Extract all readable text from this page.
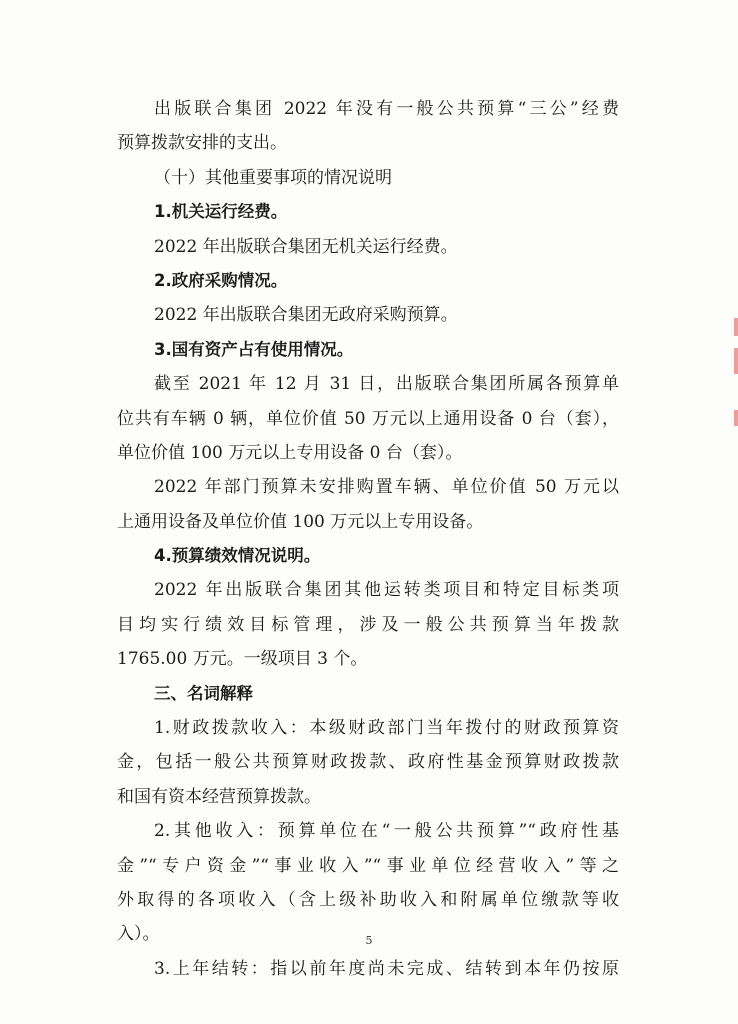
出版联合集团 2022 年没有一般公共预算“三公”经费
预算拨款安排的支出。
（十）其他重要事项的情况说明
1.机关运行经费。
2022 年出版联合集团无机关运行经费。
2.政府采购情况。
2022 年出版联合集团无政府采购预算。
3.国有资产占有使用情况。
截至 2021 年 12 月 31 日，出版联合集团所属各预算单
位共有车辆 0 辆，单位价值 50 万元以上通用设备 0 台（套），
单位价值 100 万元以上专用设备 0 台（套）。
2022 年部门预算未安排购置车辆、单位价值 50 万元以
上通用设备及单位价值 100 万元以上专用设备。
4.预算绩效情况说明。
2022 年出版联合集团其他运转类项目和特定目标类项
目均实行绩效目标管理，涉及一般公共预算当年拨款
1765.00 万元。一级项目 3 个。
三、名词解释
1.财政拨款收入：本级财政部门当年拨付的财政预算资
金，包括一般公共预算财政拨款、政府性基金预算财政拨款
和国有资本经营预算拨款。
2.其他收入：预算单位在“一般公共预算”“政府性基
金”“专户资金”“事业收入”“事业单位经营收入”等之
外取得的各项收入（含上级补助收入和附属单位缴款等收
入）。
3.上年结转：指以前年度尚未完成、结转到本年仍按原
5
